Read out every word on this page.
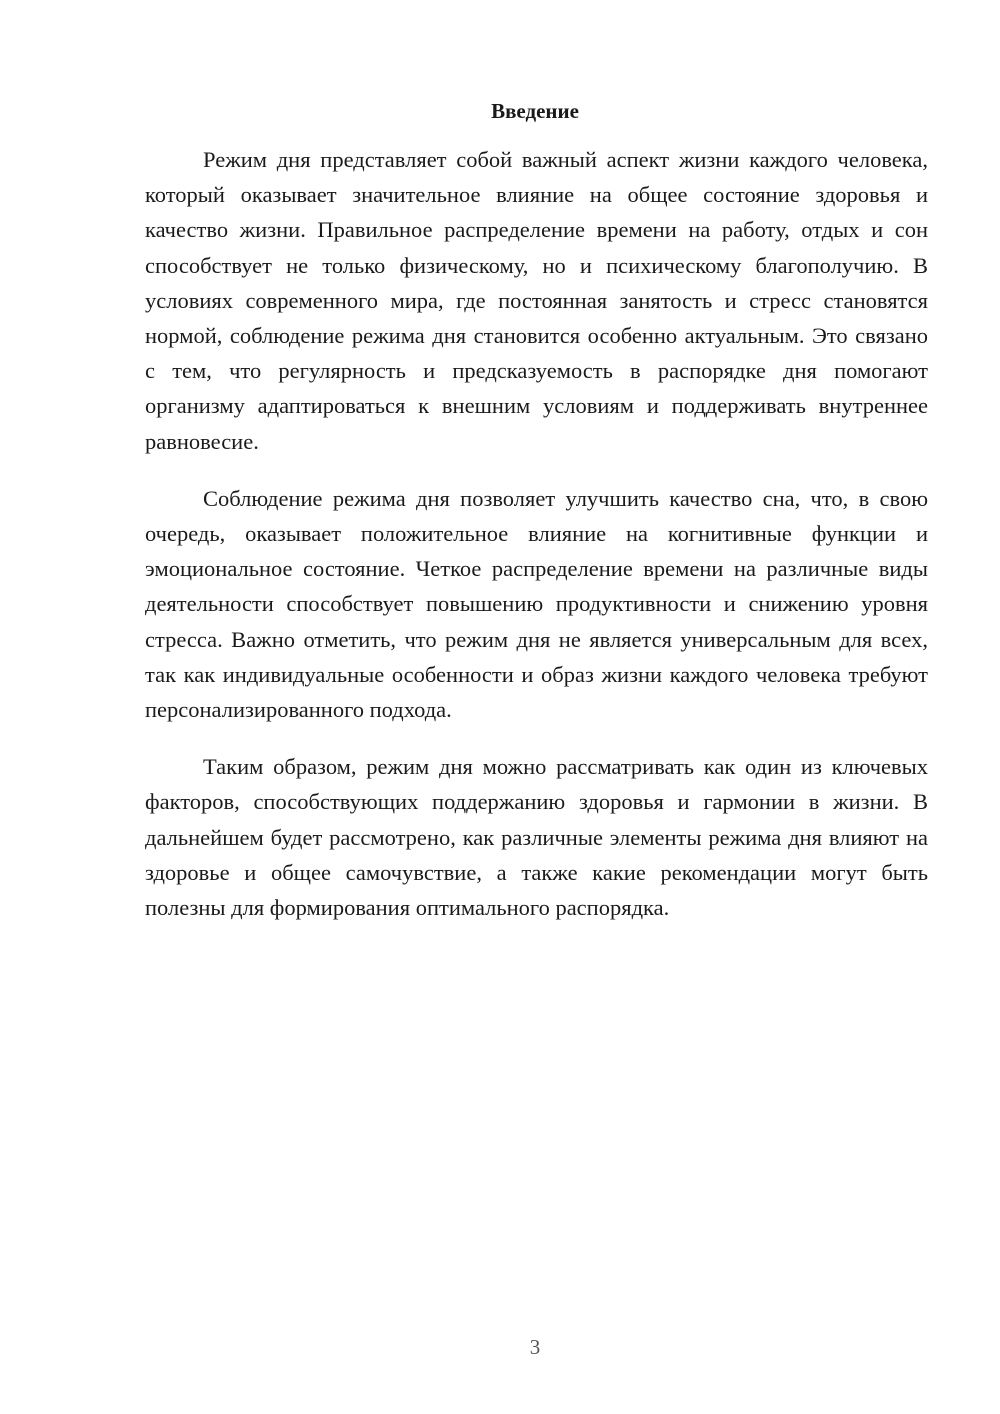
Введение

Режим дня представляет собой важный аспект жизни каждого человека, который оказывает значительное влияние на общее состояние здоровья и качество жизни. Правильное распределение времени на работу, отдых и сон способствует не только физическому, но и психическому благополучию. В условиях современного мира, где постоянная занятость и стресс становятся нормой, соблюдение режима дня становится особенно актуальным. Это связано с тем, что регулярность и предсказуемость в распорядке дня помогают организму адаптироваться к внешним условиям и поддерживать внутреннее равновесие.

Соблюдение режима дня позволяет улучшить качество сна, что, в свою очередь, оказывает положительное влияние на когнитивные функции и эмоциональное состояние. Четкое распределение времени на различные виды деятельности способствует повышению продуктивности и снижению уровня стресса. Важно отметить, что режим дня не является универсальным для всех, так как индивидуальные особенности и образ жизни каждого человека требуют персонализированного подхода.

Таким образом, режим дня можно рассматривать как один из ключевых факторов, способствующих поддержанию здоровья и гармонии в жизни. В дальнейшем будет рассмотрено, как различные элементы режима дня влияют на здоровье и общее самочувствие, а также какие рекомендации могут быть полезны для формирования оптимального распорядка.

3
